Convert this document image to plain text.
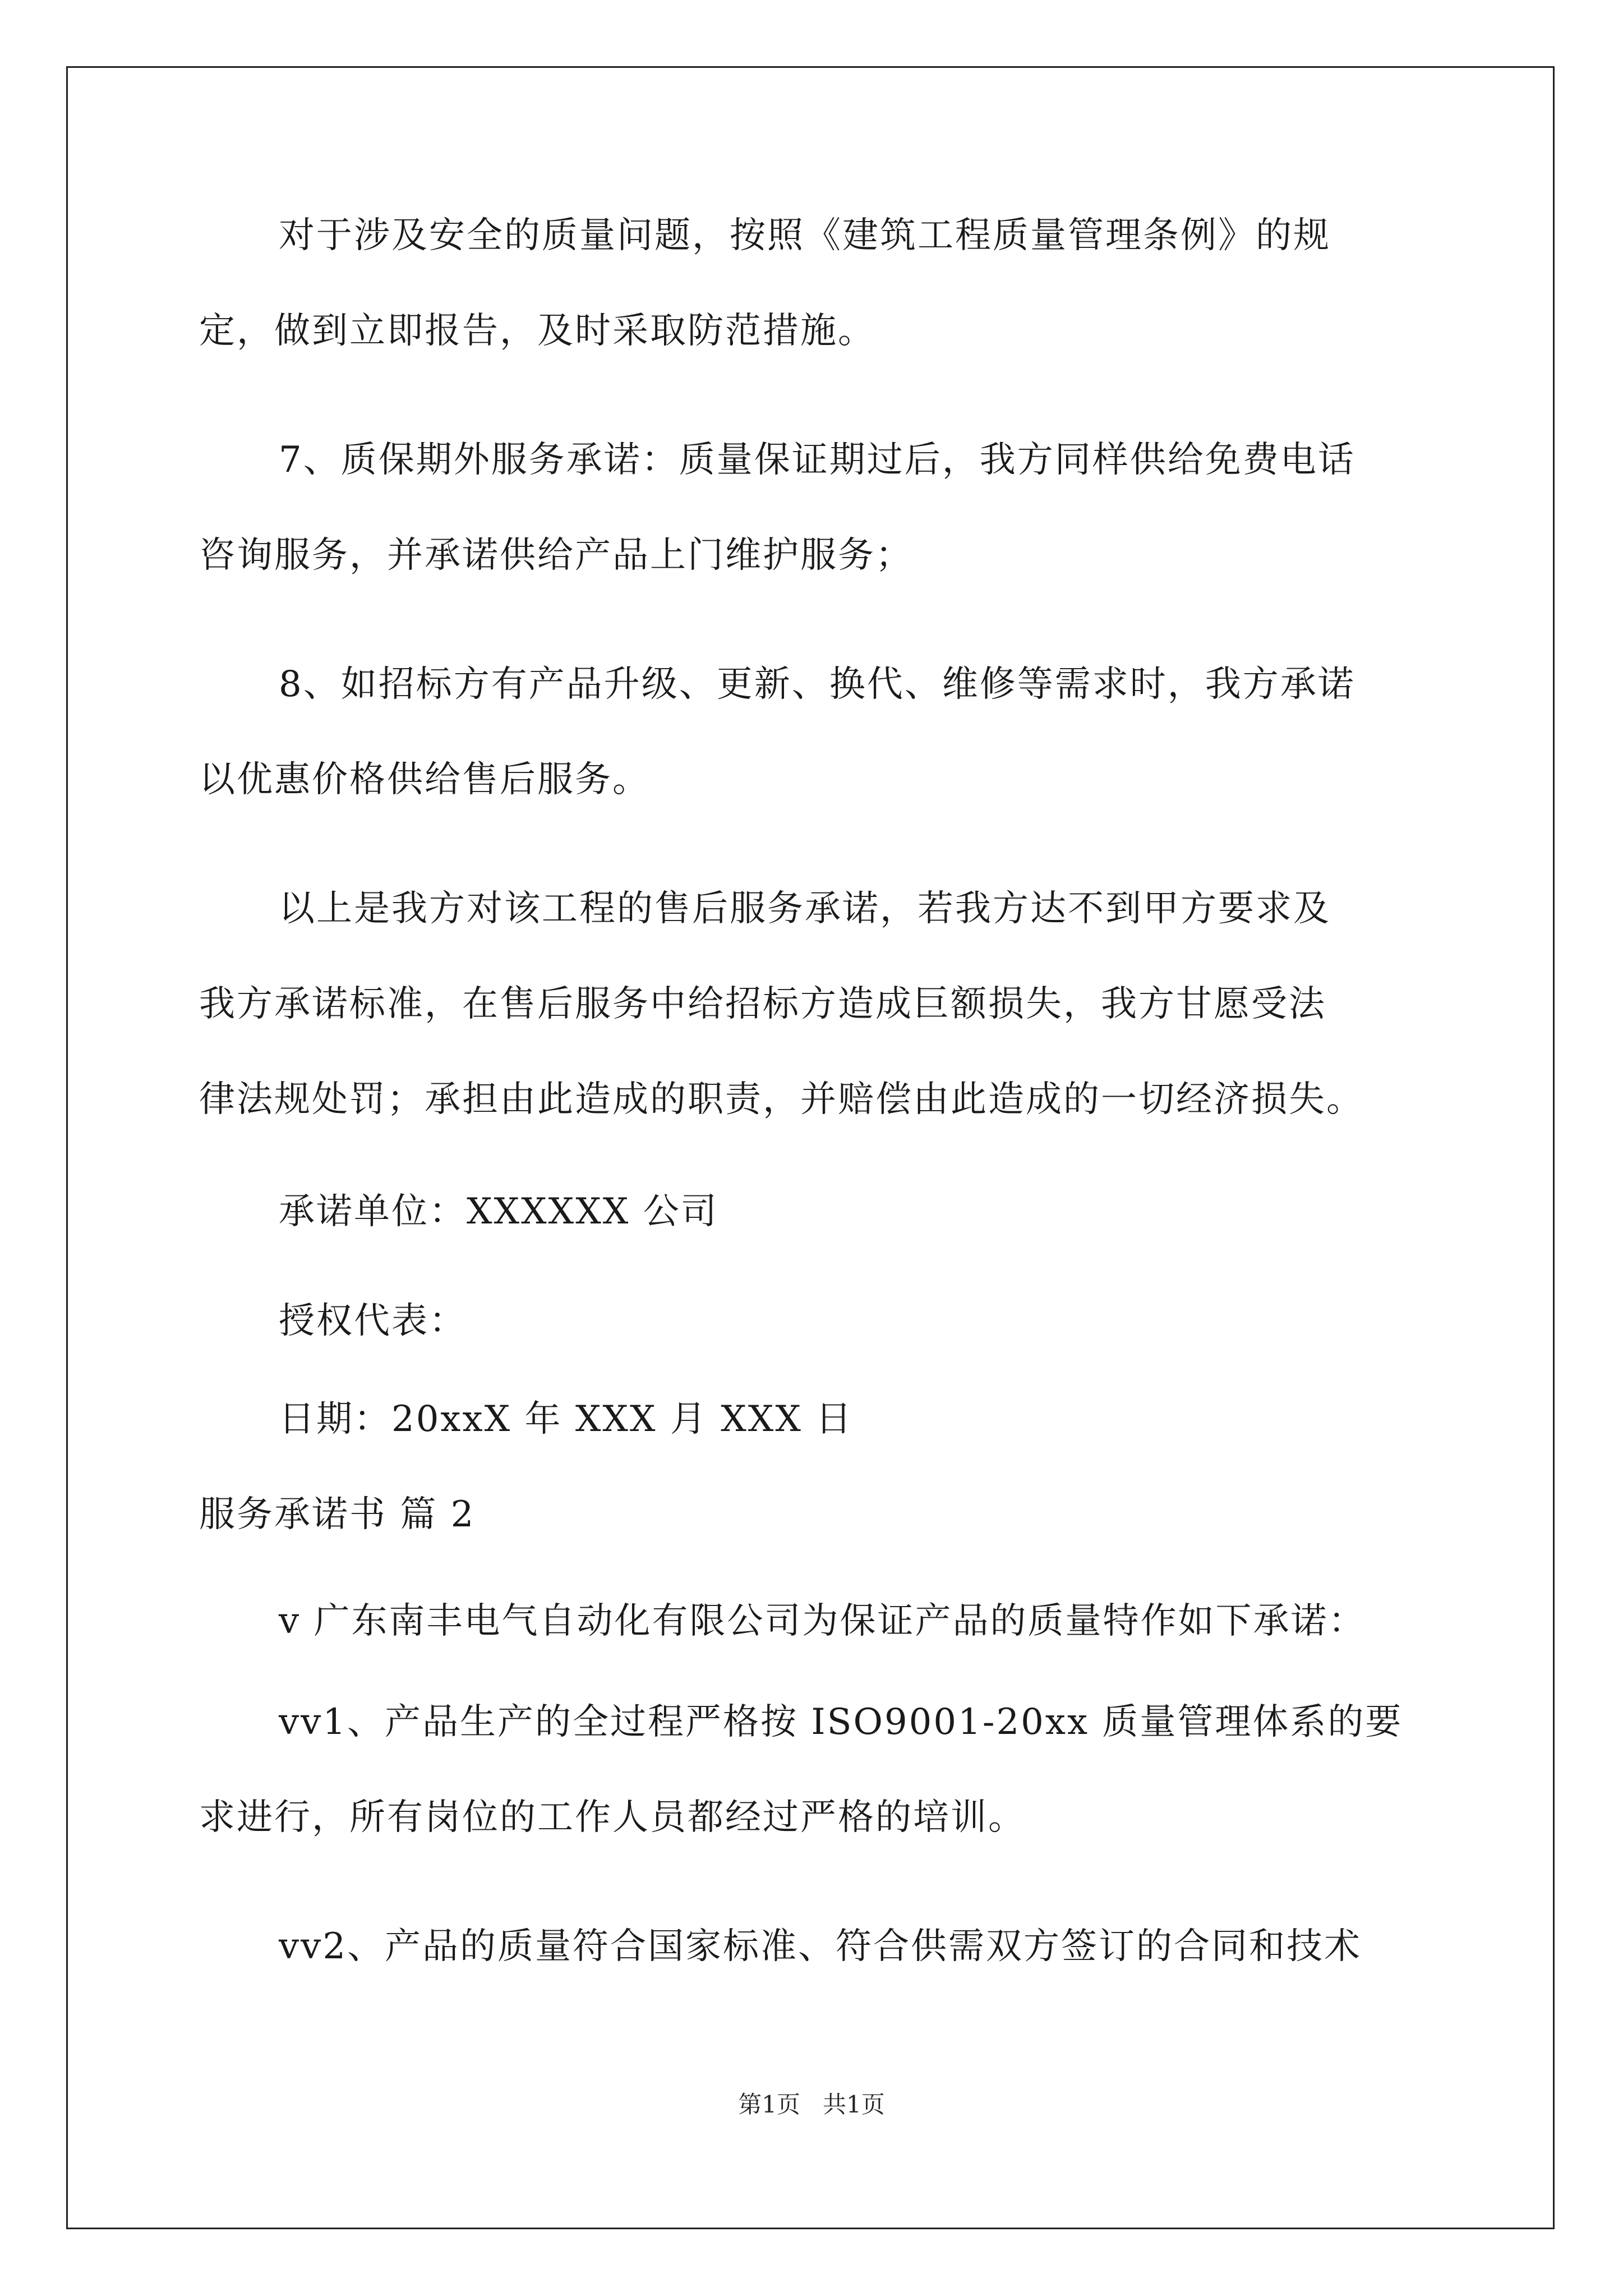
对于涉及安全的质量问题，按照《建筑工程质量管理条例》的规
定，做到立即报告，及时采取防范措施。
7、质保期外服务承诺：质量保证期过后，我方同样供给免费电话
咨询服务，并承诺供给产品上门维护服务；
8、如招标方有产品升级、更新、换代、维修等需求时，我方承诺
以优惠价格供给售后服务。
以上是我方对该工程的售后服务承诺，若我方达不到甲方要求及
我方承诺标准，在售后服务中给招标方造成巨额损失，我方甘愿受法
律法规处罚；承担由此造成的职责，并赔偿由此造成的一切经济损失。
承诺单位：XXXXXX 公司
授权代表：
日期：20xxX 年 XXX 月 XXX 日
服务承诺书 篇 2
v 广东南丰电气自动化有限公司为保证产品的质量特作如下承诺：
vv1、产品生产的全过程严格按 ISO9001-20xx 质量管理体系的要
求进行，所有岗位的工作人员都经过严格的培训。
vv2、产品的质量符合国家标准、符合供需双方签订的合同和技术
第1页   共1页
